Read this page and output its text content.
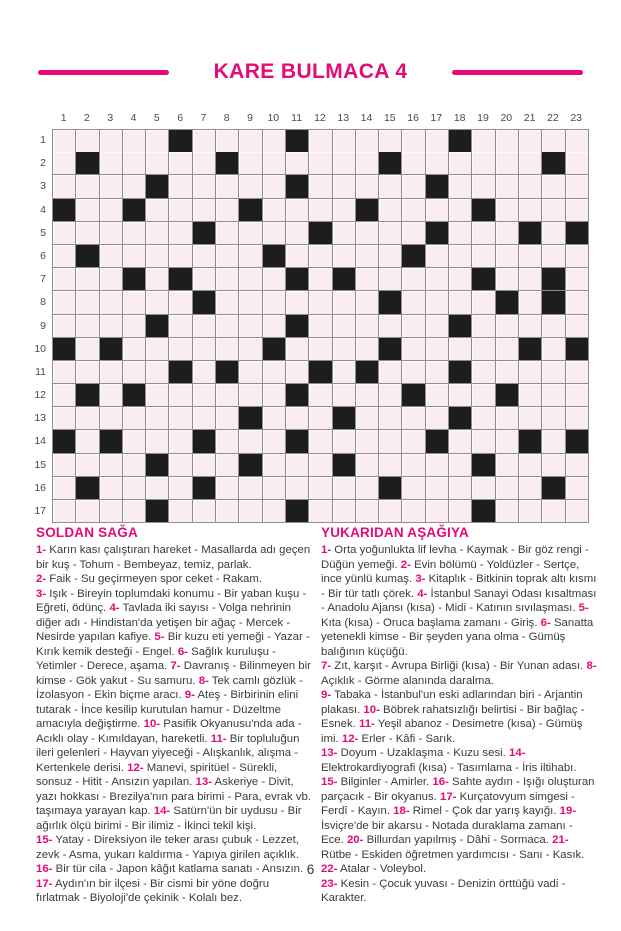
KARE BULMACA 4
1	2	3	4	5	6	7	8	9	10	11	12	13	14	15	16	17	18	19	20	21	22	23
1
2
3
4
5
6
7
8
9
10
11
12
13
14
15
16
17
SOLDAN SAĞA

1- Karın kası çalıştıran hareket - Masallarda adı geçen bir kuş - Tohum - Bembeyaz, temiz, parlak.

2- Faik - Su geçirmeyen spor ceket - Rakam.

3- Işık - Bireyin toplumdaki konumu - Bir yaban kuşu - Eğreti, ödünç. 4- Tavlada iki sayısı - Volga nehrinin diğer adı - Hindistan'da yetişen bir ağaç - Mercek - Nesirde yapılan kafiye. 5- Bir kuzu eti yemeği - Yazar - Kırık kemik desteği - Engel. 6- Sağlık kuruluşu - Yetimler - Derece, aşama. 7- Davranış - Bilinmeyen bir kimse - Gök yakut - Su samuru. 8- Tek camlı gözlük - İzolasyon - Ekin biçme aracı. 9- Ateş - Birbirinin elini tutarak - İnce kesilip kurutulan hamur - Düzeltme amacıyla değiştirme. 10- Pasifik Okyanusu'nda ada - Acıklı olay - Kımıldayan, hareketli. 11- Bir topluluğun ileri gelenleri - Hayvan yiyeceği - Alışkanlık, alışma - Kertenkele derisi. 12- Manevi, spiritüel - Sürekli, sonsuz - Hitit - Ansızın yapılan. 13- Askeriye - Divit, yazı hokkası - Brezilya'nın para birimi - Para, evrak vb. taşımaya yarayan kap. 14- Satürn'ün bir uydusu - Bir ağırlık ölçü birimi - Bir ilimiz - İkinci tekil kişi.

15- Yatay - Direksiyon ile teker arası çubuk - Lezzet, zevk - Asma, yukarı kaldırma - Yapıya girilen açıklık.

16- Bir tür cila - Japon kâğıt katlama sanatı - Ansızın.

17- Aydın'ın bir ilçesi - Bir cismi bir yöne doğru fırlatmak - Biyoloji'de çekinik - Kolalı bez.

YUKARIDAN AŞAĞIYA

1- Orta yoğunlukta lif levha - Kaymak - Bir göz rengi - Düğün yemeği. 2- Evin bölümü - Yoldüzler - Sertçe, ince yünlü kumaş. 3- Kitaplık - Bitkinin toprak altı kısmı - Bir tür tatlı çörek. 4- İstanbul Sanayi Odası kısaltması - Anadolu Ajansı (kısa) - Midi - Katının sıvılaşması. 5- Kıta (kısa) - Oruca başlama zamanı - Giriş. 6- Sanatta yetenekli kimse - Bir şeyden yana olma - Gümüş balığının küçüğü.

7- Zıt, karşıt - Avrupa Birliği (kısa) - Bir Yunan adası. 8- Açıklık - Görme alanında daralma.

9- Tabaka - İstanbul'un eski adlarından biri - Arjantin plakası. 10- Böbrek rahatsızlığı belirtisi - Bir bağlaç - Esnek. 11- Yeşil abanoz - Desimetre (kısa) - Gümüş imi. 12- Erler - Kâfi - Sarık.

13- Doyum - Uzaklaşma - Kuzu sesi. 14- Elektrokardiyografi (kısa) - Tasımlama - İris iltihabı.

15- Bilginler - Amirler. 16- Sahte aydın - Işığı oluşturan parçacık - Bir okyanus. 17- Kurçatovyum simgesi - Ferdî - Kayın. 18- Rimel - Çok dar yarış kayığı. 19- İsviçre'de bir akarsu - Notada duraklama zamanı - Ece. 20- Billurdan yapılmış - Dâhi - Sormaca. 21- Rütbe - Eskiden öğretmen yardımcısı - Sanı - Kasık. 22- Atalar - Voleybol.

23- Kesin - Çocuk yuvası - Denizin örttüğü vadi - Karakter.

6
